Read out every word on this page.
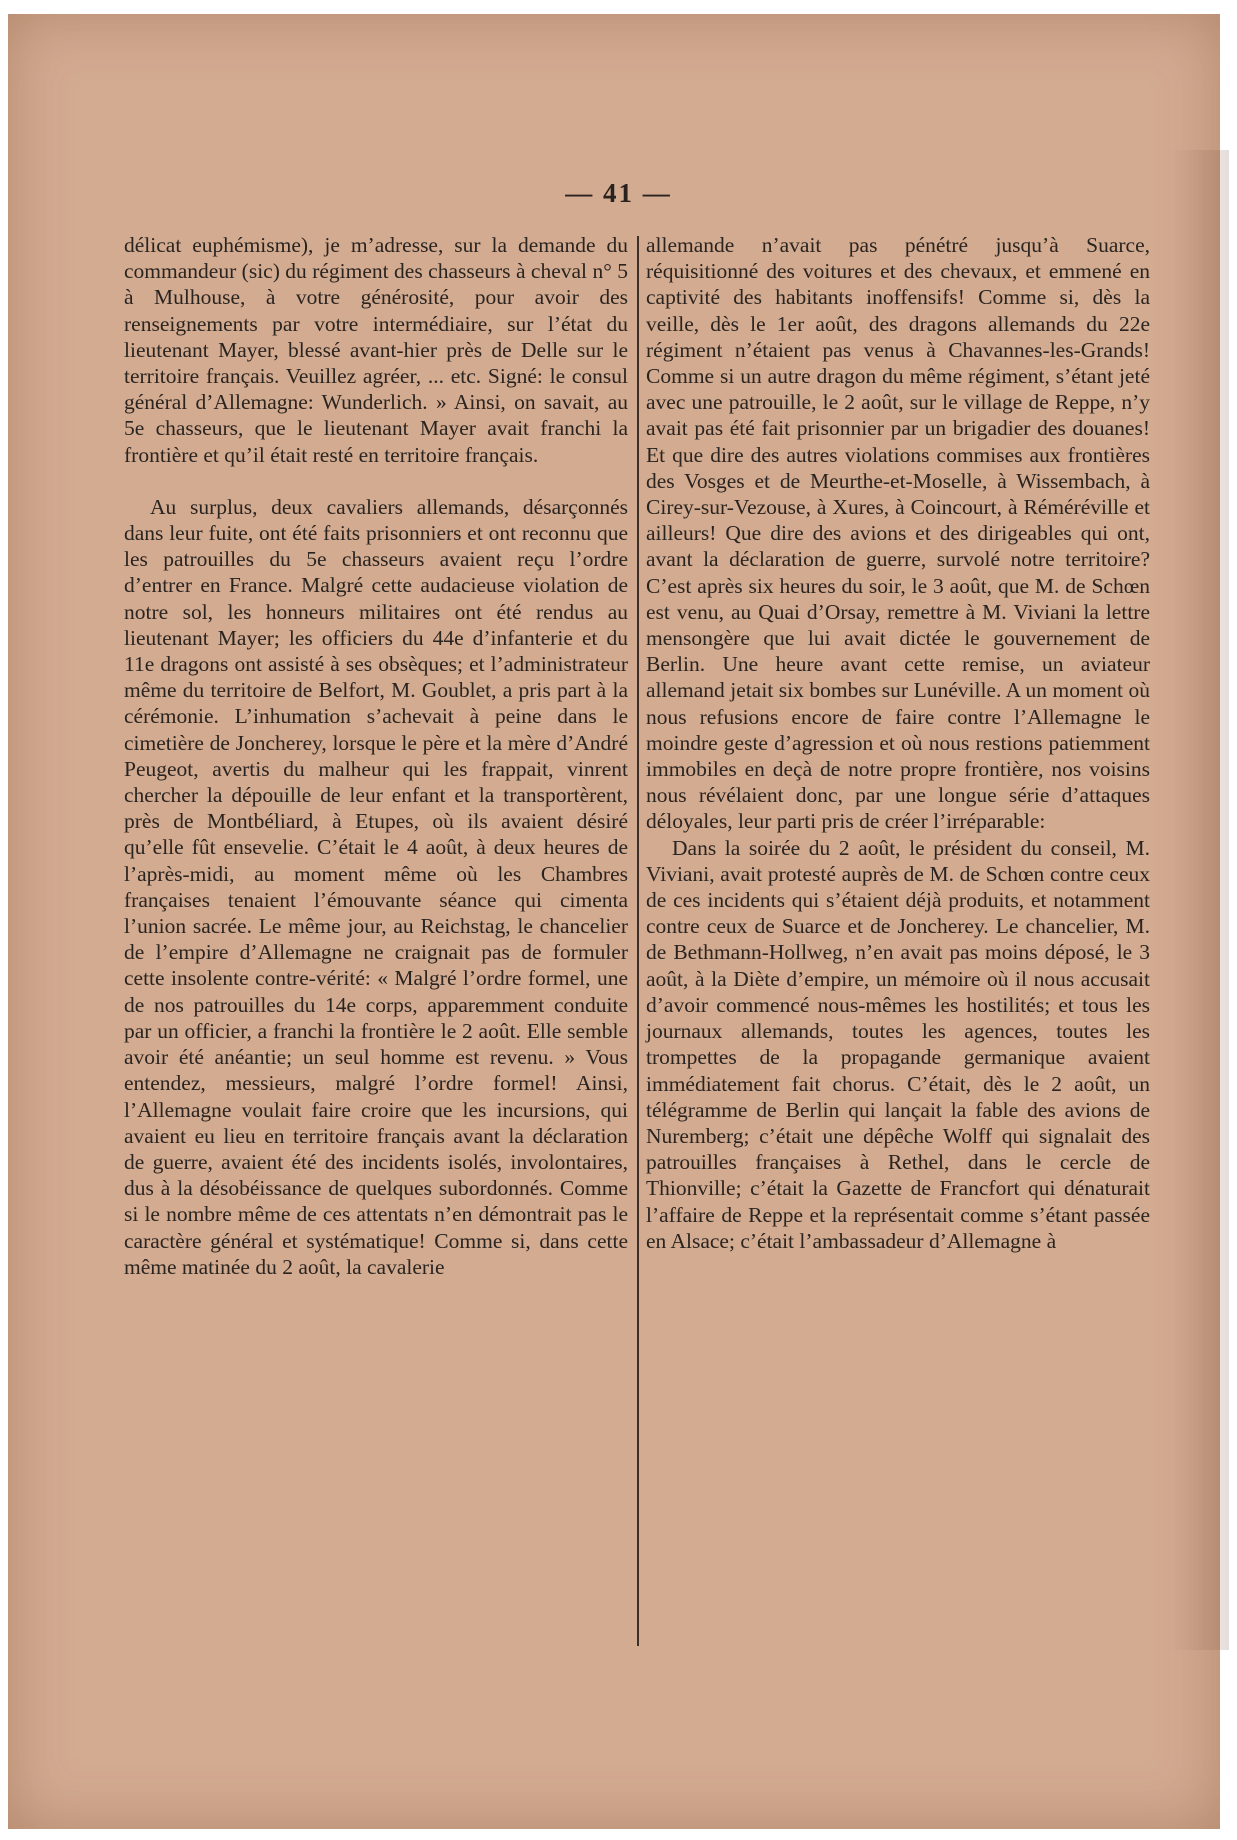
— 41 —

délicat euphémisme), je m’adresse, sur la demande du commandeur (sic) du régiment des chasseurs à cheval n° 5 à Mulhouse, à votre générosité, pour avoir des renseignements par votre intermédiaire, sur l’état du lieutenant Mayer, blessé avant-hier près de Delle sur le territoire français. Veuillez agréer, ... etc. Signé: le consul général d’Allemagne: Wunderlich. » Ainsi, on savait, au 5e chasseurs, que le lieutenant Mayer avait franchi la frontière et qu’il était resté en territoire français.

Au surplus, deux cavaliers allemands, désarçonnés dans leur fuite, ont été faits prisonniers et ont reconnu que les patrouilles du 5e chasseurs avaient reçu l’ordre d’entrer en France. Malgré cette audacieuse violation de notre sol, les honneurs militaires ont été rendus au lieutenant Mayer; les officiers du 44e d’infanterie et du 11e dragons ont assisté à ses obsèques; et l’administrateur même du territoire de Belfort, M. Goublet, a pris part à la cérémonie. L’inhumation s’achevait à peine dans le cimetière de Joncherey, lorsque le père et la mère d’André Peugeot, avertis du malheur qui les frappait, vinrent chercher la dépouille de leur enfant et la transportèrent, près de Montbéliard, à Etupes, où ils avaient désiré qu’elle fût ensevelie. C’était le 4 août, à deux heures de l’après-midi, au moment même où les Chambres françaises tenaient l’émouvante séance qui cimenta l’union sacrée. Le même jour, au Reichstag, le chancelier de l’empire d’Allemagne ne craignait pas de formuler cette insolente contre-vérité: « Malgré l’ordre formel, une de nos patrouilles du 14e corps, apparemment conduite par un officier, a franchi la frontière le 2 août. Elle semble avoir été anéantie; un seul homme est revenu. » Vous entendez, messieurs, malgré l’ordre formel! Ainsi, l’Allemagne voulait faire croire que les incursions, qui avaient eu lieu en territoire français avant la déclaration de guerre, avaient été des incidents isolés, involontaires, dus à la désobéissance de quelques subordonnés. Comme si le nombre même de ces attentats n’en démontrait pas le caractère général et systématique! Comme si, dans cette même matinée du 2 août, la cavalerie

allemande n’avait pas pénétré jusqu’à Suarce, réquisitionné des voitures et des chevaux, et emmené en captivité des habitants inoffensifs! Comme si, dès la veille, dès le 1er août, des dragons allemands du 22e régiment n’étaient pas venus à Chavannes-les-Grands! Comme si un autre dragon du même régiment, s’étant jeté avec une patrouille, le 2 août, sur le village de Reppe, n’y avait pas été fait prisonnier par un brigadier des douanes! Et que dire des autres violations commises aux frontières des Vosges et de Meurthe-et-Moselle, à Wissembach, à Cirey-sur-Vezouse, à Xures, à Coincourt, à Réméréville et ailleurs! Que dire des avions et des dirigeables qui ont, avant la déclaration de guerre, survolé notre territoire? C’est après six heures du soir, le 3 août, que M. de Schœn est venu, au Quai d’Orsay, remettre à M. Viviani la lettre mensongère que lui avait dictée le gouvernement de Berlin. Une heure avant cette remise, un aviateur allemand jetait six bombes sur Lunéville. A un moment où nous refusions encore de faire contre l’Allemagne le moindre geste d’agression et où nous restions patiemment immobiles en deçà de notre propre frontière, nos voisins nous révélaient donc, par une longue série d’attaques déloyales, leur parti pris de créer l’irréparable:

Dans la soirée du 2 août, le président du conseil, M. Viviani, avait protesté auprès de M. de Schœn contre ceux de ces incidents qui s’étaient déjà produits, et notamment contre ceux de Suarce et de Joncherey. Le chancelier, M. de Bethmann-Hollweg, n’en avait pas moins déposé, le 3 août, à la Diète d’empire, un mémoire où il nous accusait d’avoir commencé nous-mêmes les hostilités; et tous les journaux allemands, toutes les agences, toutes les trompettes de la propagande germanique avaient immédiatement fait chorus. C’était, dès le 2 août, un télégramme de Berlin qui lançait la fable des avions de Nuremberg; c’était une dépêche Wolff qui signalait des patrouilles françaises à Rethel, dans le cercle de Thionville; c’était la Gazette de Francfort qui dénaturait l’affaire de Reppe et la représentait comme s’étant passée en Alsace; c’était l’ambassadeur d’Allemagne à
